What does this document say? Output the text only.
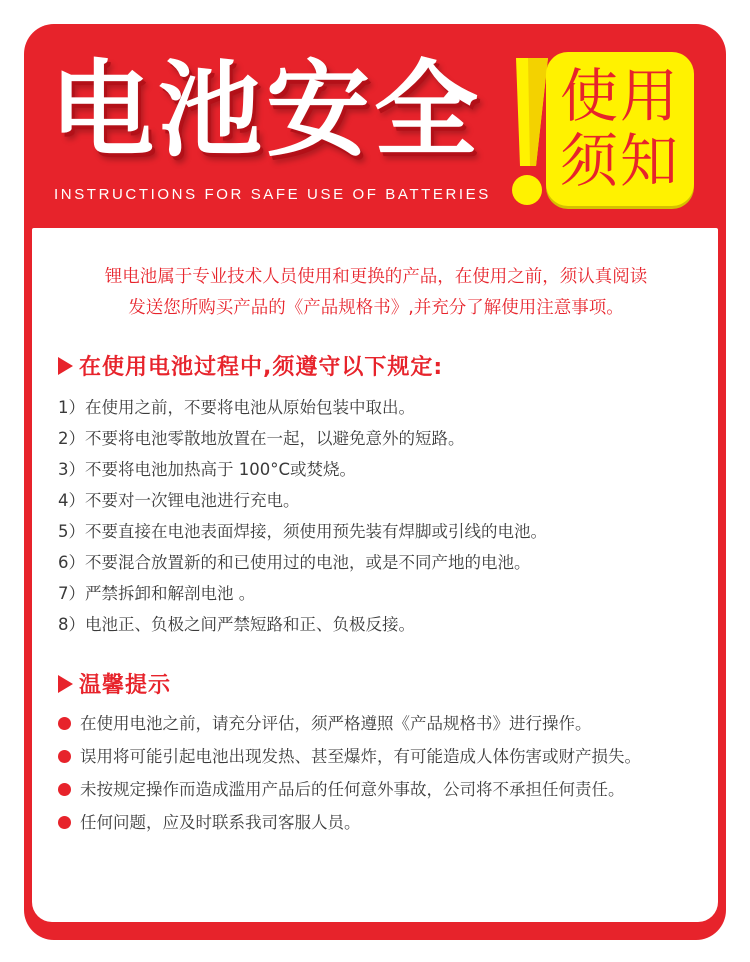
电池安全

INSTRUCTIONS FOR SAFE USE OF BATTERIES

使用
须知

锂电池属于专业技术人员使用和更换的产品，在使用之前，须认真阅读
发送您所购买产品的《产品规格书》,并充分了解使用注意事项。

在使用电池过程中,须遵守以下规定:
1）在使用之前，不要将电池从原始包装中取出。
2）不要将电池零散地放置在一起，以避免意外的短路。
3）不要将电池加热高于 100°C或焚烧。
4）不要对一次锂电池进行充电。
5）不要直接在电池表面焊接，须使用预先装有焊脚或引线的电池。
6）不要混合放置新的和已使用过的电池，或是不同产地的电池。
7）严禁拆卸和解剖电池 。
8）电池正、负极之间严禁短路和正、负极反接。
温馨提示
在使用电池之前，请充分评估，须严格遵照《产品规格书》进行操作。
误用将可能引起电池出现发热、甚至爆炸，有可能造成人体伤害或财产损失。
未按规定操作而造成滥用产品后的任何意外事故，公司将不承担任何责任。
任何问题，应及时联系我司客服人员。
